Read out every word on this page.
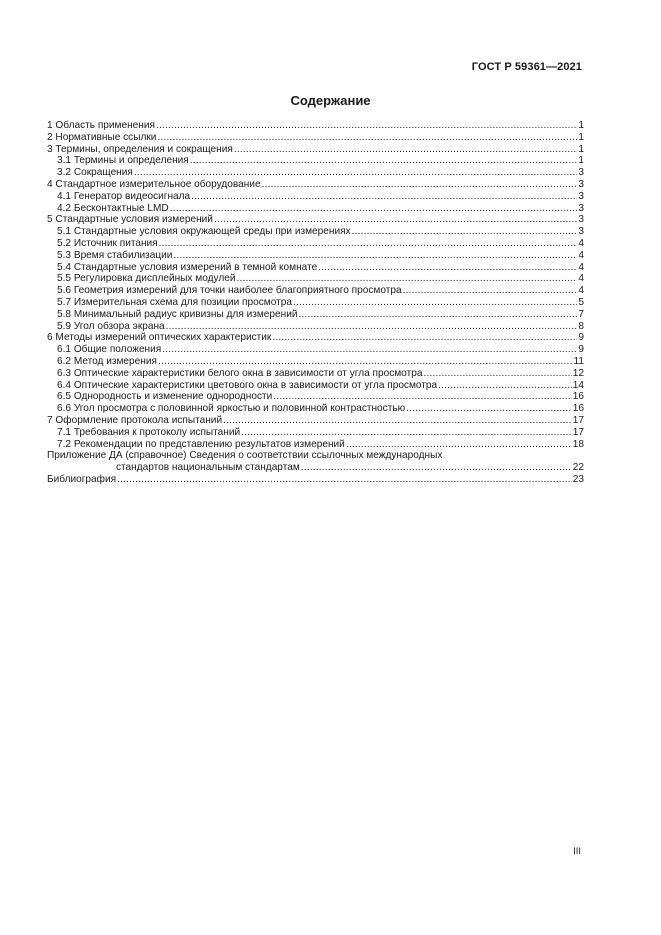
ГОСТ Р 59361—2021
Содержание
1 Область применения .....	1
2 Нормативные ссылки .....	1
3 Термины, определения и сокращения .....	1
3.1 Термины и определения .....	1
3.2 Сокращения .....	3
4 Стандартное измерительное оборудование .....	3
4.1 Генератор видеосигнала .....	3
4.2 Бесконтактные LMD .....	3
5 Стандартные условия измерений .....	3
5.1 Стандартные условия окружающей среды при измерениях .....	3
5.2 Источник питания .....	4
5.3 Время стабилизации .....	4
5.4 Стандартные условия измерений в темной комнате .....	4
5.5 Регулировка дисплейных модулей .....	4
5.6 Геометрия измерений для точки наиболее благоприятного просмотра .....	4
5.7 Измерительная схема для позиции просмотра .....	5
5.8 Минимальный радиус кривизны для измерений .....	7
5.9 Угол обзора экрана .....	8
6 Методы измерений оптических характеристик .....	9
6.1 Общие положения .....	9
6.2 Метод измерения .....	11
6.3 Оптические характеристики белого окна в зависимости от угла просмотра .....	12
6.4 Оптические характеристики цветового окна в зависимости от угла просмотра .....	14
6.5 Однородность и изменение однородности .....	16
6.6 Угол просмотра с половинной яркостью и половинной контрастностью .....	16
7 Оформление протокола испытаний .....	17
7.1 Требования к протоколу испытаний .....	17
7.2 Рекомендации по представлению результатов измерений .....	18
Приложение ДА (справочное) Сведения о соответствии ссылочных международных
стандартов национальным стандартам .....	22
Библиография .....	23
III
